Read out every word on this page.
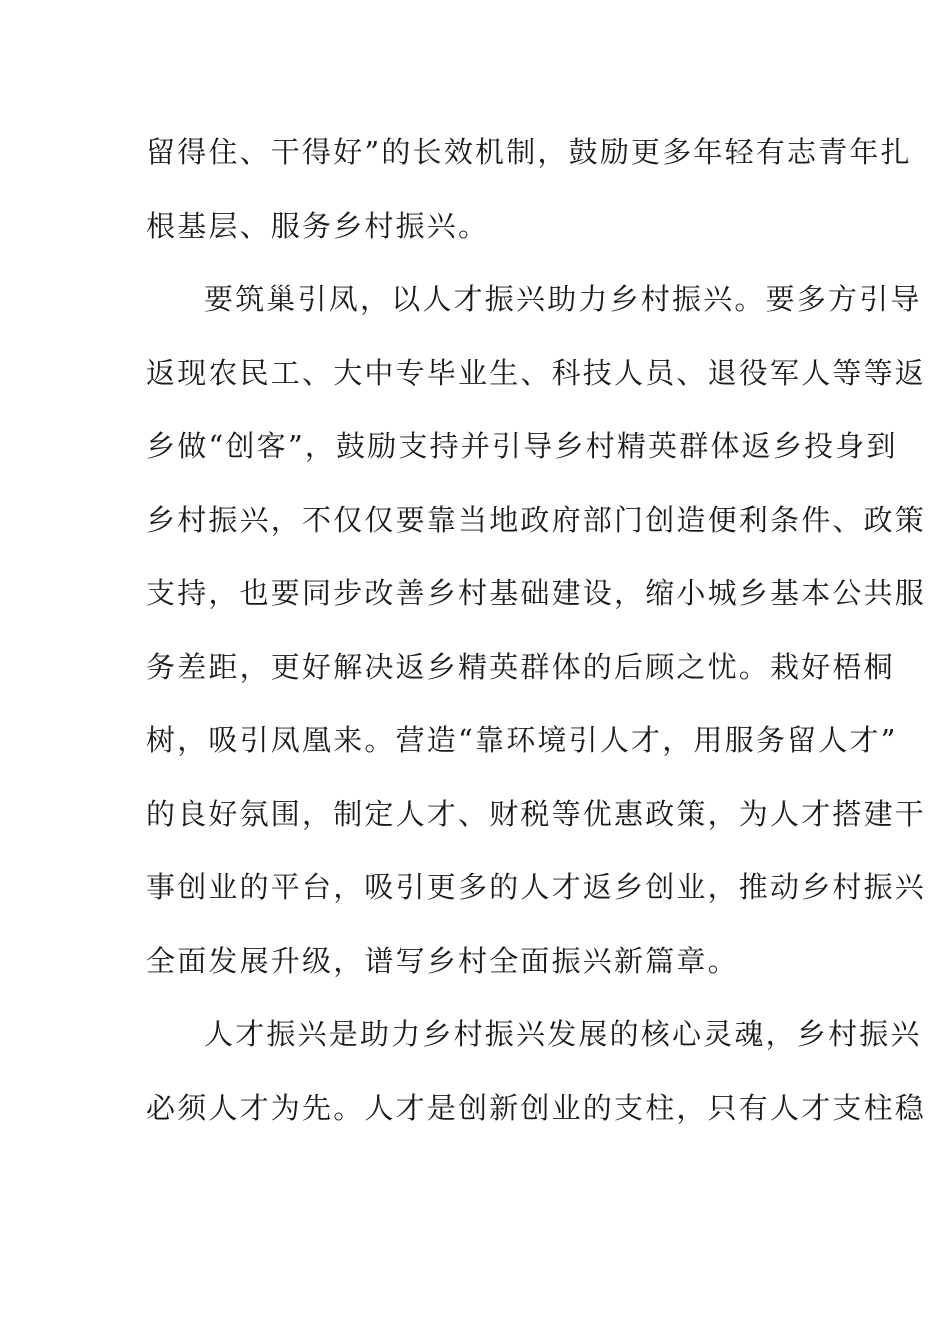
留得住、干得好”的长效机制，鼓励更多年轻有志青年扎
根基层、服务乡村振兴。
要筑巢引凤，以人才振兴助力乡村振兴。要多方引导
返现农民工、大中专毕业生、科技人员、退役军人等等返
乡做“创客”，鼓励支持并引导乡村精英群体返乡投身到
乡村振兴，不仅仅要靠当地政府部门创造便利条件、政策
支持，也要同步改善乡村基础建设，缩小城乡基本公共服
务差距，更好解决返乡精英群体的后顾之忧。栽好梧桐
树，吸引凤凰来。营造“靠环境引人才，用服务留人才”
的良好氛围，制定人才、财税等优惠政策，为人才搭建干
事创业的平台，吸引更多的人才返乡创业，推动乡村振兴
全面发展升级，谱写乡村全面振兴新篇章。
人才振兴是助力乡村振兴发展的核心灵魂，乡村振兴
必须人才为先。人才是创新创业的支柱，只有人才支柱稳
